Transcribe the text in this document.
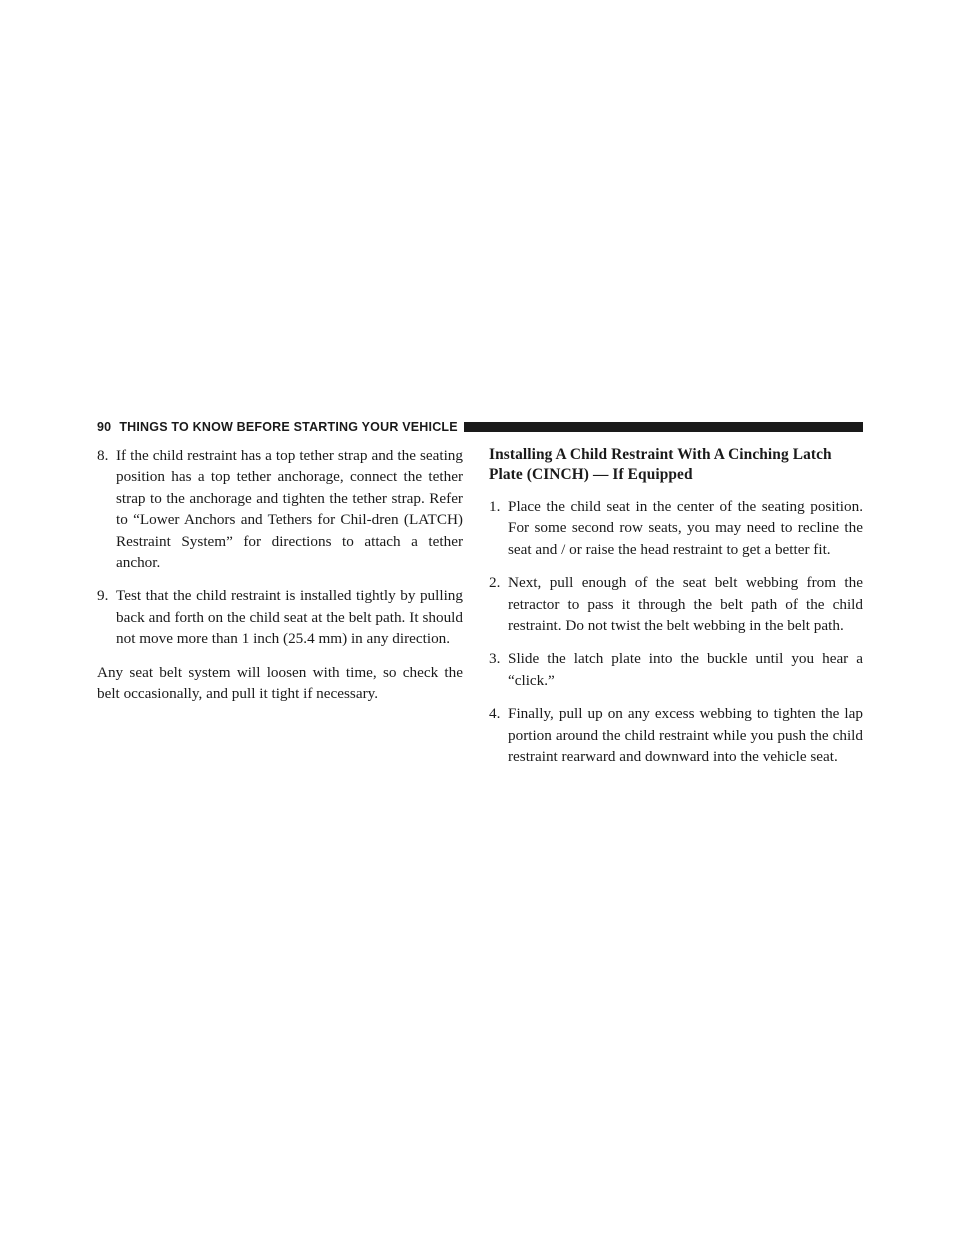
90 THINGS TO KNOW BEFORE STARTING YOUR VEHICLE
8. If the child restraint has a top tether strap and the seating position has a top tether anchorage, connect the tether strap to the anchorage and tighten the tether strap. Refer to “Lower Anchors and Tethers for Chil-dren (LATCH) Restraint System” for directions to attach a tether anchor.
9. Test that the child restraint is installed tightly by pulling back and forth on the child seat at the belt path. It should not move more than 1 inch (25.4 mm) in any direction.

Any seat belt system will loosen with time, so check the belt occasionally, and pull it tight if necessary.

Installing A Child Restraint With A Cinching Latch Plate (CINCH) — If Equipped
1. Place the child seat in the center of the seating position. For some second row seats, you may need to recline the seat and / or raise the head restraint to get a better fit.
2. Next, pull enough of the seat belt webbing from the retractor to pass it through the belt path of the child restraint. Do not twist the belt webbing in the belt path.
3. Slide the latch plate into the buckle until you hear a “click.”
4. Finally, pull up on any excess webbing to tighten the lap portion around the child restraint while you push the child restraint rearward and downward into the vehicle seat.
